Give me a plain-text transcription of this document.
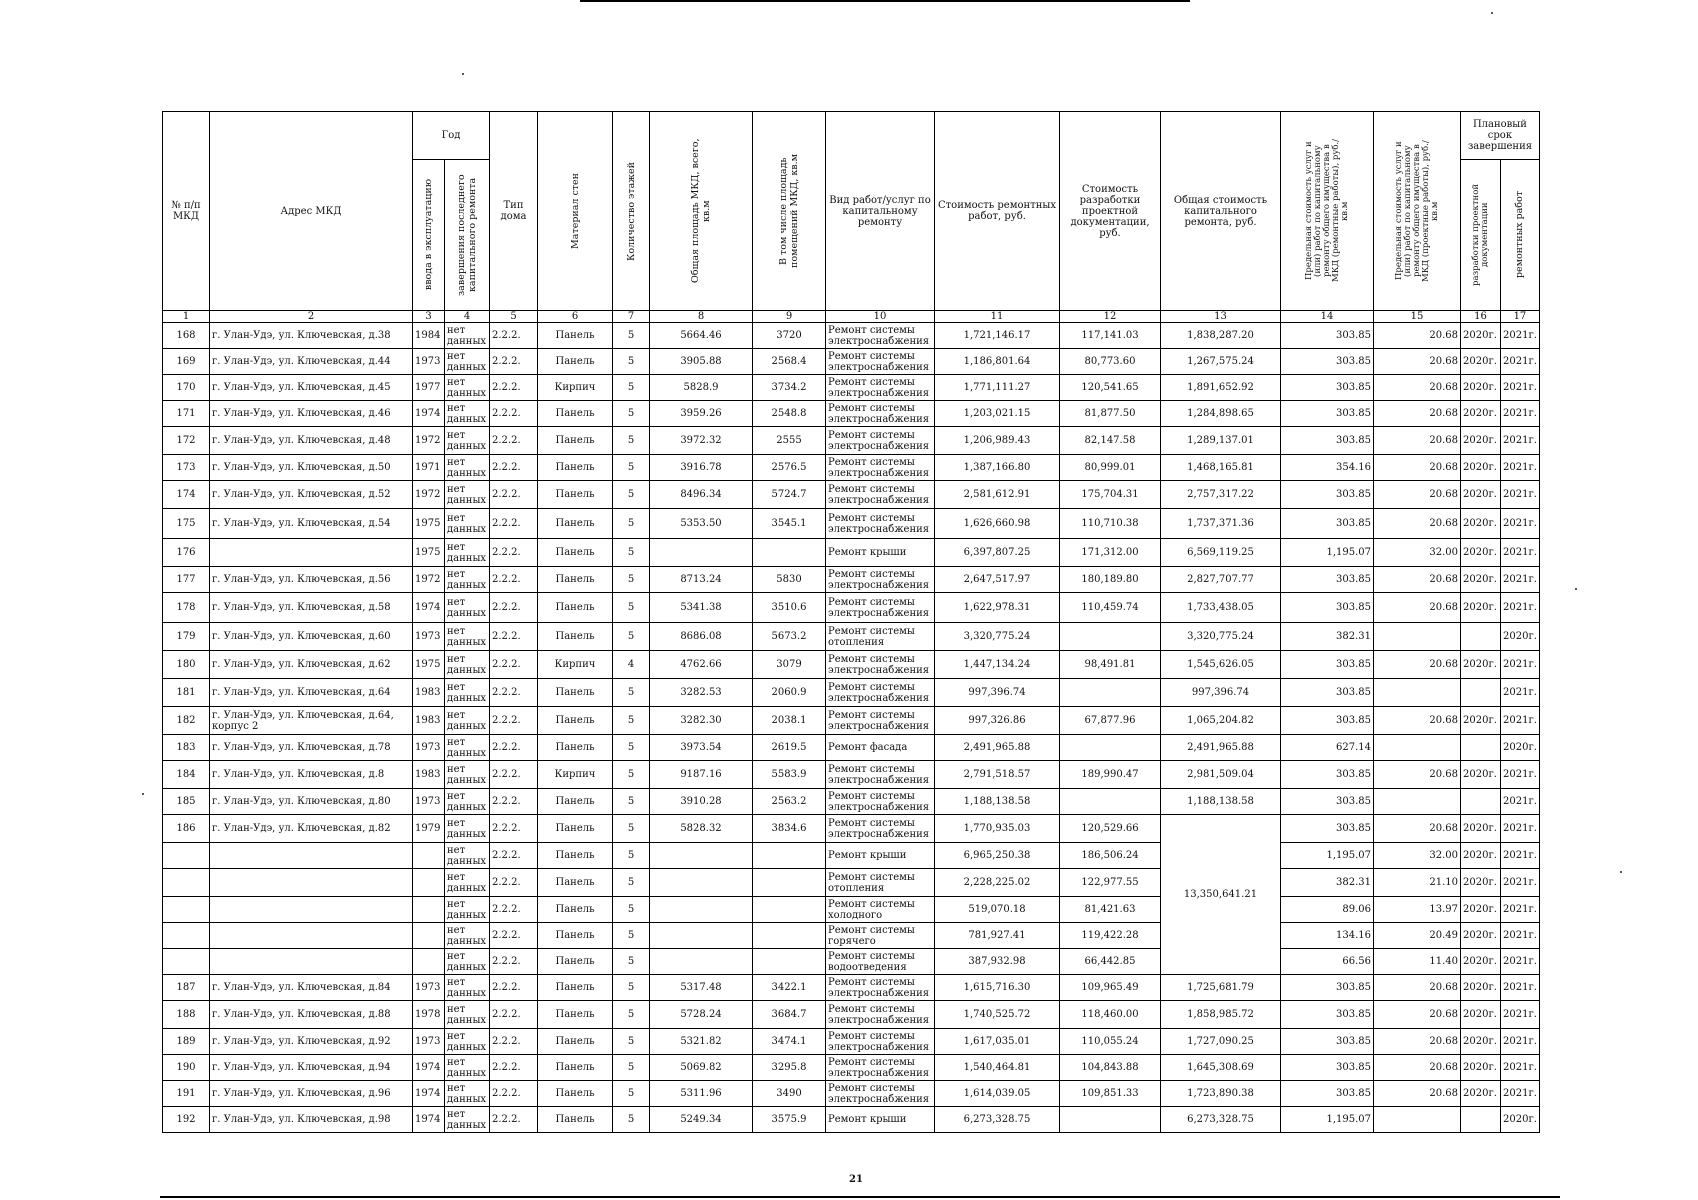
№ п/п МКД	Адрес МКД	Год		Тип дома	Материал стен	Количество этажей	Общая площадь МКД, всего, кв.м	В том числе площадь помещений МКД, кв.м	Вид работ/услуг по капитальному ремонту	Стоимость ремонтных работ, руб.	Стоимость разработки проектной документации, руб.	Общая стоимость капитального ремонта, руб.	Предельная стоимость услуг и (или) работ по капитальному ремонту общего имущества в МКД (ремонтные работы), руб./кв.м	Предельная стоимость услуг и (или) работ по капитальному ремонту общего имущества в МКД (проектные работы), руб./кв.м	Плановый срок завершения	

		ввода в эксплуатацию	завершения последнего капитального ремонта												разработки проектной документации	ремонтных работ

1	2	3	4	5	6	7	8	9	10	11	12	13	14	15	16	17
168	г. Улан-Удэ, ул. Ключевская, д.38	1984	нет данных	2.2.2.	Панель	5	5664.46	3720	Ремонт системы электроснабжения	1,721,146.17	117,141.03	1,838,287.20	303.85	20.68	2020г.	2021г.
169	г. Улан-Удэ, ул. Ключевская, д.44	1973	нет данных	2.2.2.	Панель	5	3905.88	2568.4	Ремонт системы электроснабжения	1,186,801.64	80,773.60	1,267,575.24	303.85	20.68	2020г.	2021г.
170	г. Улан-Удэ, ул. Ключевская, д.45	1977	нет данных	2.2.2.	Кирпич	5	5828.9	3734.2	Ремонт системы электроснабжения	1,771,111.27	120,541.65	1,891,652.92	303.85	20.68	2020г.	2021г.
171	г. Улан-Удэ, ул. Ключевская, д.46	1974	нет данных	2.2.2.	Панель	5	3959.26	2548.8	Ремонт системы электроснабжения	1,203,021.15	81,877.50	1,284,898.65	303.85	20.68	2020г.	2021г.
172	г. Улан-Удэ, ул. Ключевская, д.48	1972	нет данных	2.2.2.	Панель	5	3972.32	2555	Ремонт системы электроснабжения	1,206,989.43	82,147.58	1,289,137.01	303.85	20.68	2020г.	2021г.
173	г. Улан-Удэ, ул. Ключевская, д.50	1971	нет данных	2.2.2.	Панель	5	3916.78	2576.5	Ремонт системы электроснабжения	1,387,166.80	80,999.01	1,468,165.81	354.16	20.68	2020г.	2021г.
174	г. Улан-Удэ, ул. Ключевская, д.52	1972	нет данных	2.2.2.	Панель	5	8496.34	5724.7	Ремонт системы электроснабжения	2,581,612.91	175,704.31	2,757,317.22	303.85	20.68	2020г.	2021г.
175	г. Улан-Удэ, ул. Ключевская, д.54	1975	нет данных	2.2.2.	Панель	5	5353.50	3545.1	Ремонт системы электроснабжения	1,626,660.98	110,710.38	1,737,371.36	303.85	20.68	2020г.	2021г.
176		1975	нет данных	2.2.2.	Панель	5			Ремонт крыши	6,397,807.25	171,312.00	6,569,119.25	1,195.07	32.00	2020г.	2021г.
177	г. Улан-Удэ, ул. Ключевская, д.56	1972	нет данных	2.2.2.	Панель	5	8713.24	5830	Ремонт системы электроснабжения	2,647,517.97	180,189.80	2,827,707.77	303.85	20.68	2020г.	2021г.
178	г. Улан-Удэ, ул. Ключевская, д.58	1974	нет данных	2.2.2.	Панель	5	5341.38	3510.6	Ремонт системы электроснабжения	1,622,978.31	110,459.74	1,733,438.05	303.85	20.68	2020г.	2021г.
179	г. Улан-Удэ, ул. Ключевская, д.60	1973	нет данных	2.2.2.	Панель	5	8686.08	5673.2	Ремонт системы отопления	3,320,775.24		3,320,775.24	382.31			2020г.
180	г. Улан-Удэ, ул. Ключевская, д.62	1975	нет данных	2.2.2.	Кирпич	4	4762.66	3079	Ремонт системы электроснабжения	1,447,134.24	98,491.81	1,545,626.05	303.85	20.68	2020г.	2021г.
181	г. Улан-Удэ, ул. Ключевская, д.64	1983	нет данных	2.2.2.	Панель	5	3282.53	2060.9	Ремонт системы электроснабжения	997,396.74		997,396.74	303.85			2021г.
182	г. Улан-Удэ, ул. Ключевская, д.64, корпус 2	1983	нет данных	2.2.2.	Панель	5	3282.30	2038.1	Ремонт системы электроснабжения	997,326.86	67,877.96	1,065,204.82	303.85	20.68	2020г.	2021г.
183	г. Улан-Удэ, ул. Ключевская, д.78	1973	нет данных	2.2.2.	Панель	5	3973.54	2619.5	Ремонт фасада	2,491,965.88		2,491,965.88	627.14			2020г.
184	г. Улан-Удэ, ул. Ключевская, д.8	1983	нет данных	2.2.2.	Кирпич	5	9187.16	5583.9	Ремонт системы электроснабжения	2,791,518.57	189,990.47	2,981,509.04	303.85	20.68	2020г.	2021г.
185	г. Улан-Удэ, ул. Ключевская, д.80	1973	нет данных	2.2.2.	Панель	5	3910.28	2563.2	Ремонт системы электроснабжения	1,188,138.58		1,188,138.58	303.85			2021г.
186	г. Улан-Удэ, ул. Ключевская, д.82	1979	нет данных	2.2.2.	Панель	5	5828.32	3834.6	Ремонт системы электроснабжения	1,770,935.03	120,529.66	13,350,641.21	303.85	20.68	2020г.	2021г.
			нет данных	2.2.2.	Панель	5			Ремонт крыши	6,965,250.38	186,506.24		1,195.07	32.00	2020г.	2021г.
			нет данных	2.2.2.	Панель	5			Ремонт системы отопления	2,228,225.02	122,977.55		382.31	21.10	2020г.	2021г.
			нет данных	2.2.2.	Панель	5			Ремонт системы холодного	519,070.18	81,421.63		89.06	13.97	2020г.	2021г.
			нет данных	2.2.2.	Панель	5			Ремонт системы горячего	781,927.41	119,422.28		134.16	20.49	2020г.	2021г.
			нет данных	2.2.2.	Панель	5			Ремонт системы водоотведения	387,932.98	66,442.85		66.56	11.40	2020г.	2021г.
187	г. Улан-Удэ, ул. Ключевская, д.84	1973	нет данных	2.2.2.	Панель	5	5317.48	3422.1	Ремонт системы электроснабжения	1,615,716.30	109,965.49	1,725,681.79	303.85	20.68	2020г.	2021г.
188	г. Улан-Удэ, ул. Ключевская, д.88	1978	нет данных	2.2.2.	Панель	5	5728.24	3684.7	Ремонт системы электроснабжения	1,740,525.72	118,460.00	1,858,985.72	303.85	20.68	2020г.	2021г.
189	г. Улан-Удэ, ул. Ключевская, д.92	1973	нет данных	2.2.2.	Панель	5	5321.82	3474.1	Ремонт системы электроснабжения	1,617,035.01	110,055.24	1,727,090.25	303.85	20.68	2020г.	2021г.
190	г. Улан-Удэ, ул. Ключевская, д.94	1974	нет данных	2.2.2.	Панель	5	5069.82	3295.8	Ремонт системы электроснабжения	1,540,464.81	104,843.88	1,645,308.69	303.85	20.68	2020г.	2021г.
191	г. Улан-Удэ, ул. Ключевская, д.96	1974	нет данных	2.2.2.	Панель	5	5311.96	3490	Ремонт системы электроснабжения	1,614,039.05	109,851.33	1,723,890.38	303.85	20.68	2020г.	2021г.
192	г. Улан-Удэ, ул. Ключевская, д.98	1974	нет данных	2.2.2.	Панель	5	5249.34	3575.9	Ремонт крыши	6,273,328.75		6,273,328.75	1,195.07			2020г.
21
